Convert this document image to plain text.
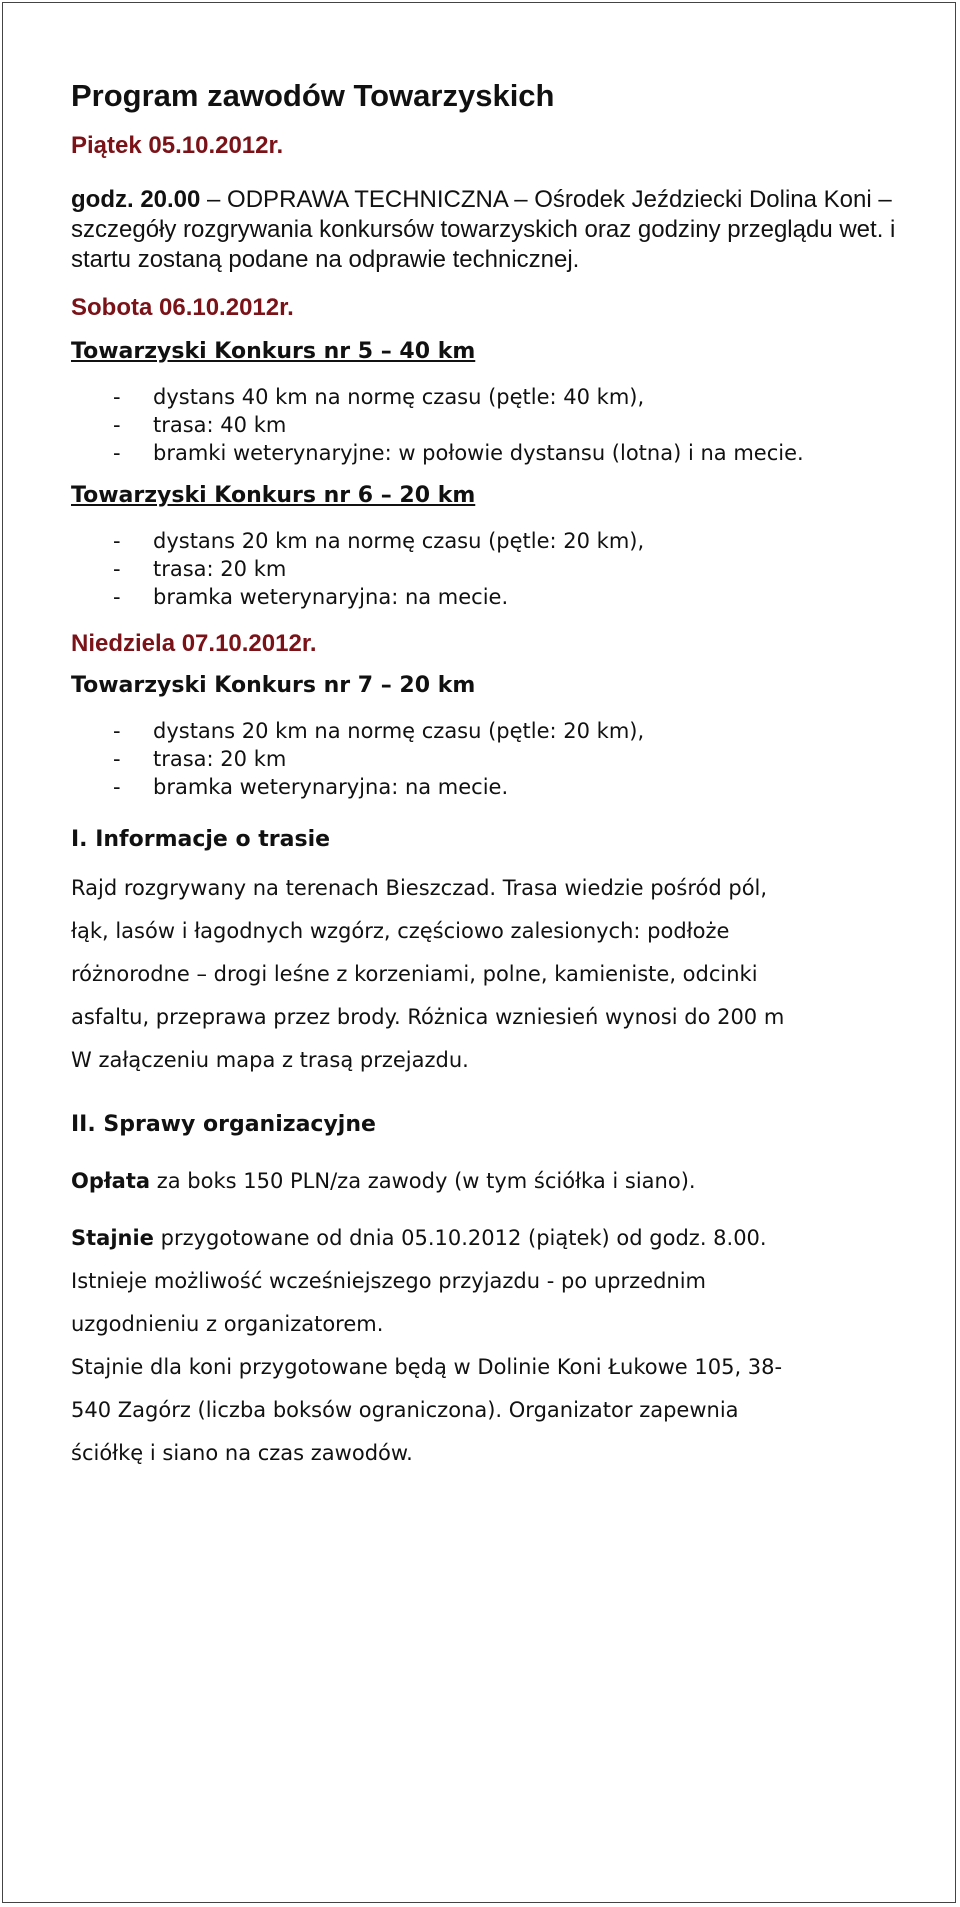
Program zawodów Towarzyskich

Piątek 05.10.2012r.

godz. 20.00 – ODPRAWA TECHNICZNA – Ośrodek Jeździecki Dolina Koni – szczegóły rozgrywania konkursów towarzyskich oraz godziny przeglądu wet. i startu zostaną podane na odprawie technicznej.

Sobota 06.10.2012r.

Towarzyski Konkurs nr 5 – 40 km

- dystans 40 km na normę czasu (pętle: 40 km),
- trasa: 40 km
- bramki weterynaryjne: w połowie dystansu (lotna) i na mecie.

Towarzyski Konkurs nr 6 – 20 km

- dystans 20 km na normę czasu (pętle: 20 km),
- trasa: 20 km
- bramka weterynaryjna: na mecie.

Niedziela 07.10.2012r.

Towarzyski Konkurs nr 7 – 20 km

- dystans 20 km na normę czasu (pętle: 20 km),
- trasa: 20 km
- bramka weterynaryjna: na mecie.

I. Informacje o trasie

Rajd rozgrywany na terenach Bieszczad. Trasa wiedzie pośród pól,

łąk, lasów i łagodnych wzgórz, częściowo zalesionych: podłoże

różnorodne – drogi leśne z korzeniami, polne, kamieniste, odcinki

asfaltu, przeprawa przez brody. Różnica wzniesień wynosi do 200 m

W załączeniu mapa z trasą przejazdu.

II. Sprawy organizacyjne

Opłata za boks 150 PLN/za zawody (w tym ściółka i siano).

Stajnie przygotowane od dnia 05.10.2012 (piątek) od godz. 8.00.

Istnieje możliwość wcześniejszego przyjazdu - po uprzednim

uzgodnieniu z organizatorem.

Stajnie dla koni przygotowane będą w Dolinie Koni Łukowe 105, 38-

540 Zagórz (liczba boksów ograniczona). Organizator zapewnia

ściółkę i siano na czas zawodów.
